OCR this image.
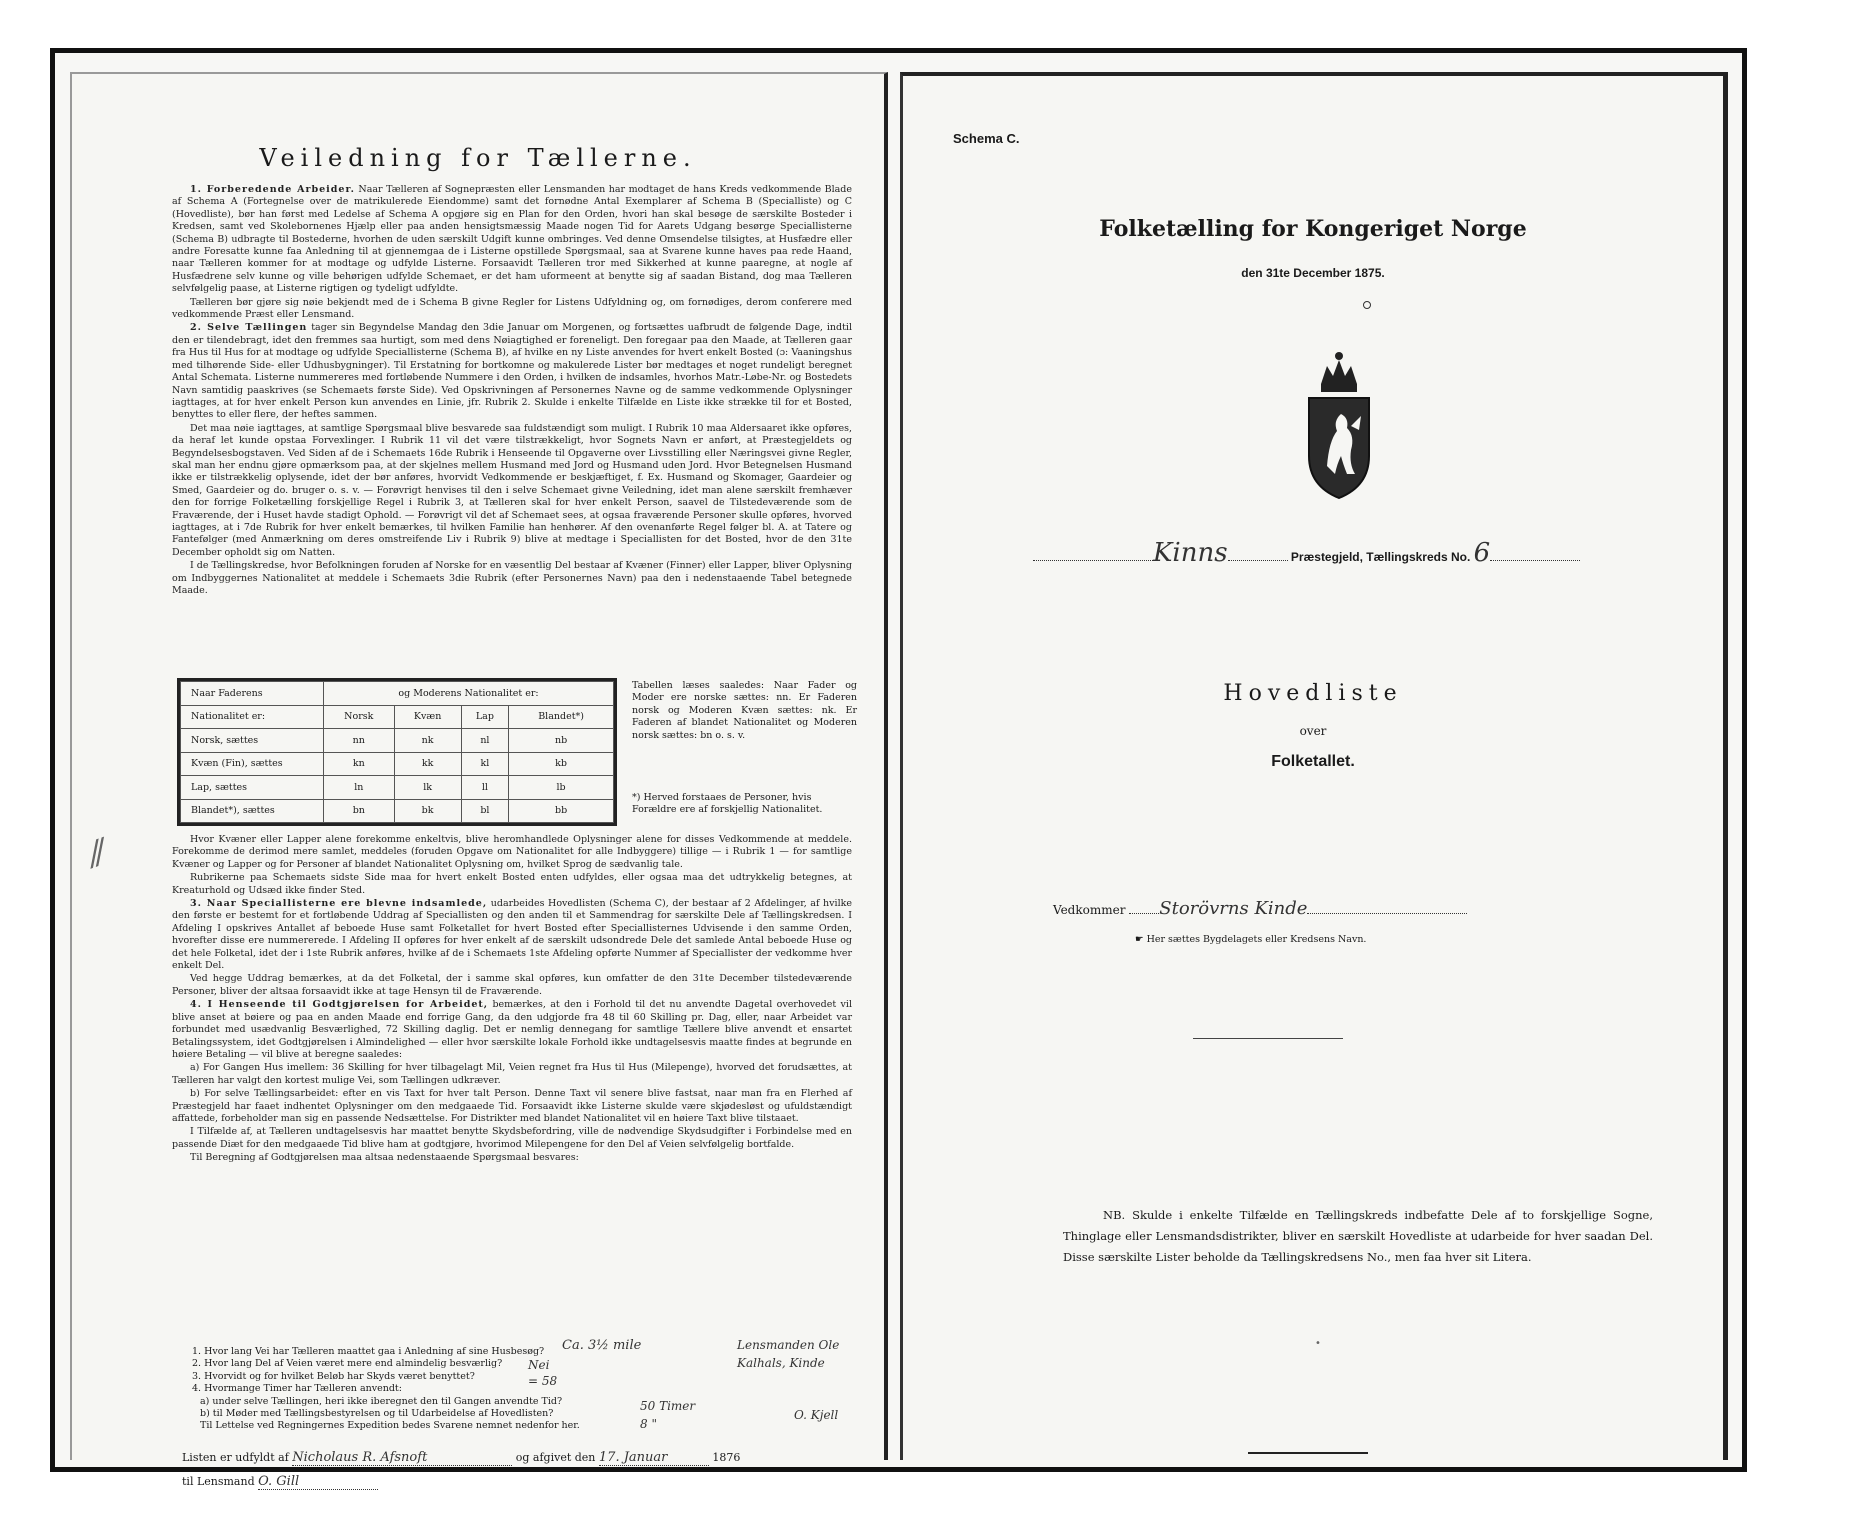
Veiledning for Tællerne.

1. Forberedende Arbeider. Naar Tælleren af Sognepræsten eller Lensmanden har modtaget de hans Kreds vedkommende Blade af Schema A (Fortegnelse over de matrikulerede Eiendomme) samt det fornødne Antal Exemplarer af Schema B (Specialliste) og C (Hovedliste), bør han først med Ledelse af Schema A opgjøre sig en Plan for den Orden, hvori han skal besøge de særskilte Bosteder i Kredsen, samt ved Skolebornenes Hjælp eller paa anden hensigtsmæssig Maade nogen Tid for Aarets Udgang besørge Speciallisterne (Schema B) udbragte til Bostederne, hvorhen de uden særskilt Udgift kunne ombringes. Ved denne Omsendelse tilsigtes, at Husfædre eller andre Foresatte kunne faa Anledning til at gjennemgaa de i Listerne opstillede Spørgsmaal, saa at Svarene kunne haves paa rede Haand, naar Tælleren kommer for at modtage og udfylde Listerne. Forsaavidt Tælleren tror med Sikkerhed at kunne paaregne, at nogle af Husfædrene selv kunne og ville behørigen udfylde Schemaet, er det ham uformeent at benytte sig af saadan Bistand, dog maa Tælleren selvfølgelig paase, at Listerne rigtigen og tydeligt udfyldte.

Tælleren bør gjøre sig nøie bekjendt med de i Schema B givne Regler for Listens Udfyldning og, om fornødiges, derom conferere med vedkommende Præst eller Lensmand.

2. Selve Tællingen tager sin Begyndelse Mandag den 3die Januar om Morgenen, og fortsættes uafbrudt de følgende Dage, indtil den er tilendebragt, idet den fremmes saa hurtigt, som med dens Nøiagtighed er foreneligt. Den foregaar paa den Maade, at Tælleren gaar fra Hus til Hus for at modtage og udfylde Speciallisterne (Schema B), af hvilke en ny Liste anvendes for hvert enkelt Bosted (ɔ: Vaaningshus med tilhørende Side- eller Udhusbygninger). Til Erstatning for bortkomne og makulerede Lister bør medtages et noget rundeligt beregnet Antal Schemata. Listerne nummereres med fortløbende Nummere i den Orden, i hvilken de indsamles, hvorhos Matr.-Løbe-Nr. og Bostedets Navn samtidig paaskrives (se Schemaets første Side). Ved Opskrivningen af Personernes Navne og de samme vedkommende Oplysninger iagttages, at for hver enkelt Person kun anvendes en Linie, jfr. Rubrik 2. Skulde i enkelte Tilfælde en Liste ikke strække til for et Bosted, benyttes to eller flere, der heftes sammen.

Det maa nøie iagttages, at samtlige Spørgsmaal blive besvarede saa fuldstændigt som muligt. I Rubrik 10 maa Aldersaaret ikke opføres, da heraf let kunde opstaa Forvexlinger. I Rubrik 11 vil det være tilstrækkeligt, hvor Sognets Navn er anført, at Præstegjeldets og Begyndelsesbogstaven. Ved Siden af de i Schemaets 16de Rubrik i Henseende til Opgaverne over Livsstilling eller Næringsvei givne Regler, skal man her endnu gjøre opmærksom paa, at der skjelnes mellem Husmand med Jord og Husmand uden Jord. Hvor Betegnelsen Husmand ikke er tilstrækkelig oplysende, idet der bør anføres, hvorvidt Vedkommende er beskjæftiget, f. Ex. Husmand og Skomager, Gaardeier og Smed, Gaardeier og do. bruger o. s. v. — Forøvrigt henvises til den i selve Schemaet givne Veiledning, idet man alene særskilt fremhæver den for forrige Folketælling forskjellige Regel i Rubrik 3, at Tælleren skal for hver enkelt Person, saavel de Tilstedeværende som de Fraværende, der i Huset havde stadigt Ophold. — Forøvrigt vil det af Schemaet sees, at ogsaa fraværende Personer skulle opføres, hvorved iagttages, at i 7de Rubrik for hver enkelt bemærkes, til hvilken Familie han henhører. Af den ovenanførte Regel følger bl. A. at Tatere og Fantefølger (med Anmærkning om deres omstreifende Liv i Rubrik 9) blive at medtage i Speciallisten for det Bosted, hvor de den 31te December opholdt sig om Natten.

I de Tællingskredse, hvor Befolkningen foruden af Norske for en væsentlig Del bestaar af Kvæner (Finner) eller Lapper, bliver Oplysning om Indbyggernes Nationalitet at meddele i Schemaets 3die Rubrik (efter Personernes Navn) paa den i nedenstaaende Tabel betegnede Maade.

Naar Faderens	og Moderens Nationalitet er:			
Nationalitet er:	Norsk	Kvæn	Lap	Blandet*)
Norsk, sættes	nn	nk	nl	nb
Kvæn (Fin), sættes	kn	kk	kl	kb
Lap, sættes	ln	lk	ll	lb
Blandet*), sættes	bn	bk	bl	bb
Tabellen læses saaledes: Naar Fader og Moder ere norske sættes: nn. Er Faderen norsk og Moderen Kvæn sættes: nk. Er Faderen af blandet Nationalitet og Moderen norsk sættes: bn o. s. v.
*) Herved forstaaes de Personer, hvis Forældre ere af forskjellig Nationalitet.

Hvor Kvæner eller Lapper alene forekomme enkeltvis, blive heromhandlede Oplysninger alene for disses Vedkommende at meddele. Forekomme de derimod mere samlet, meddeles (foruden Opgave om Nationalitet for alle Indbyggere) tillige — i Rubrik 1 — for samtlige Kvæner og Lapper og for Personer af blandet Nationalitet Oplysning om, hvilket Sprog de sædvanlig tale.

Rubrikerne paa Schemaets sidste Side maa for hvert enkelt Bosted enten udfyldes, eller ogsaa maa det udtrykkelig betegnes, at Kreaturhold og Udsæd ikke finder Sted.

3. Naar Speciallisterne ere blevne indsamlede, udarbeides Hovedlisten (Schema C), der bestaar af 2 Afdelinger, af hvilke den første er bestemt for et fortløbende Uddrag af Speciallisten og den anden til et Sammendrag for særskilte Dele af Tællingskredsen. I Afdeling I opskrives Antallet af beboede Huse samt Folketallet for hvert Bosted efter Speciallisternes Udvisende i den samme Orden, hvorefter disse ere nummererede. I Afdeling II opføres for hver enkelt af de særskilt udsondrede Dele det samlede Antal beboede Huse og det hele Folketal, idet der i 1ste Rubrik anføres, hvilke af de i Schemaets 1ste Afdeling opførte Nummer af Speciallister der vedkomme hver enkelt Del.

Ved hegge Uddrag bemærkes, at da det Folketal, der i samme skal opføres, kun omfatter de den 31te December tilstedeværende Personer, bliver der altsaa forsaavidt ikke at tage Hensyn til de Fraværende.

4. I Henseende til Godtgjørelsen for Arbeidet, bemærkes, at den i Forhold til det nu anvendte Dagetal overhovedet vil blive anset at bøiere og paa en anden Maade end forrige Gang, da den udgjorde fra 48 til 60 Skilling pr. Dag, eller, naar Arbeidet var forbundet med usædvanlig Besværlighed, 72 Skilling daglig. Det er nemlig dennegang for samtlige Tællere blive anvendt et ensartet Betalingssystem, idet Godtgjørelsen i Almindelighed — eller hvor særskilte lokale Forhold ikke undtagelsesvis maatte findes at begrunde en høiere Betaling — vil blive at beregne saaledes:

a) For Gangen Hus imellem: 36 Skilling for hver tilbagelagt Mil, Veien regnet fra Hus til Hus (Milepenge), hvorved det forudsættes, at Tælleren har valgt den kortest mulige Vei, som Tællingen udkræver.

b) For selve Tællingsarbeidet: efter en vis Taxt for hver talt Person. Denne Taxt vil senere blive fastsat, naar man fra en Flerhed af Præstegjeld har faaet indhentet Oplysninger om den medgaaede Tid. Forsaavidt ikke Listerne skulde være skjødesløst og ufuldstændigt affattede, forbeholder man sig en passende Nedsættelse. For Distrikter med blandet Nationalitet vil en høiere Taxt blive tilstaaet.

I Tilfælde af, at Tælleren undtagelsesvis har maattet benytte Skydsbefordring, ville de nødvendige Skydsudgifter i Forbindelse med en passende Diæt for den medgaaede Tid blive ham at godtgjøre, hvorimod Milepengene for den Del af Veien selvfølgelig bortfalde.

Til Beregning af Godtgjørelsen maa altsaa nedenstaaende Spørgsmaal besvares:

1. Hvor lang Vei har Tælleren maattet gaa i Anledning af sine Husbesøg?
2. Hvor lang Del af Veien været mere end almindelig besværlig?
3. Hvorvidt og for hvilket Beløb har Skyds været benyttet?
4. Hvormange Timer har Tælleren anvendt:
a) under selve Tællingen, heri ikke iberegnet den til Gangen anvendte Tid?
b) til Møder med Tællingsbestyrelsen og til Udarbeidelse af Hovedlisten?
Til Lettelse ved Regningernes Expedition bedes Svarene nemnet nedenfor her.
Ca. 3½ mile
Nei
= 58
50 Timer
8 "
Lensmanden Ole Kalhals, Kinde
O. Kjell
Listen er udfyldt af Nicholaus R. Afsnoft	og afgivet den 17. Januar	1876
til Lensmand O. Gill
⁄⁄
Schema C.
Folketælling for Kongeriget Norge
den 31te December 1875.
Kinns	Præstegjeld, Tællingskreds No. 6
Hovedliste
over
Folketallet.
Vedkommer Storövrns Kinde
☛ Her sættes Bygdelagets eller Kredsens Navn.

NB. Skulde i enkelte Tilfælde en Tællingskreds indbefatte Dele af to forskjellige Sogne, Thinglage eller Lensmandsdistrikter, bliver en særskilt Hovedliste at udarbeide for hver saadan Del. Disse særskilte Lister beholde da Tællingskredsens No., men faa hver sit Litera.

•
